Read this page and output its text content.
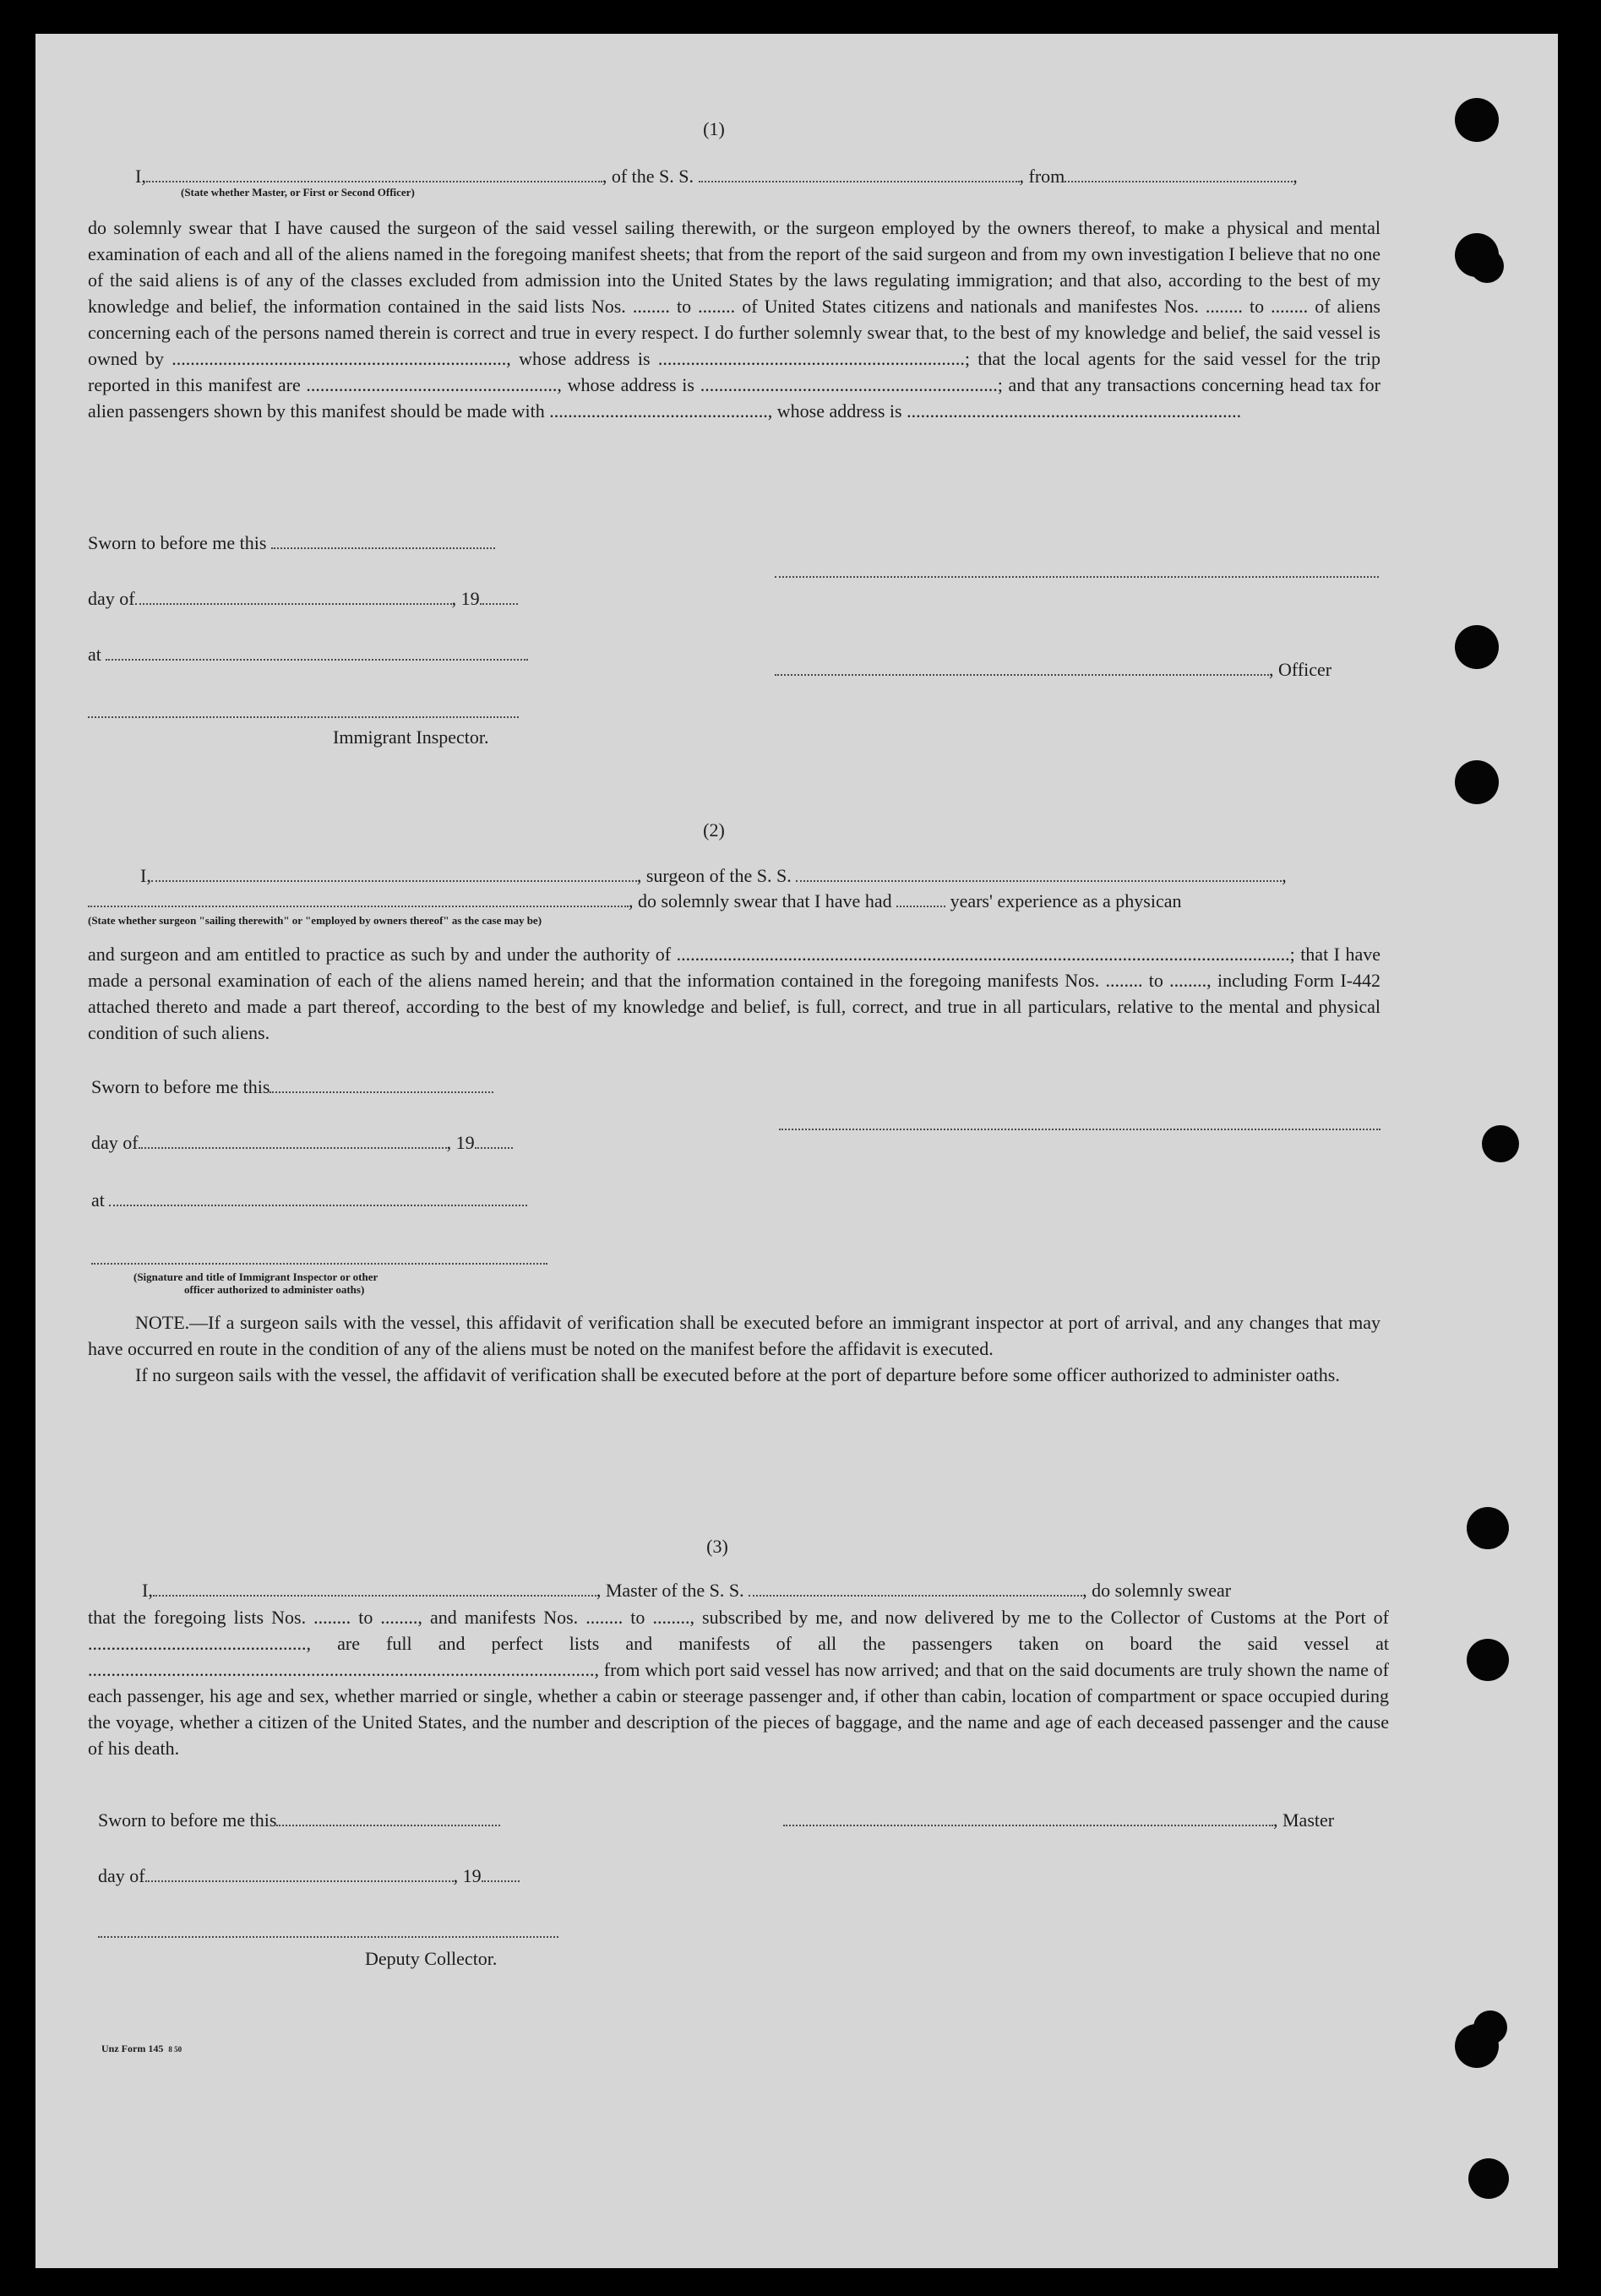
(1)
I,	, of the S. S.	, from	,
(State whether Master, or First or Second Officer)

do solemnly swear that I have caused the surgeon of the said vessel sailing therewith, or the surgeon employed by the owners thereof, to make a physical and mental examination of each and all of the aliens named in the foregoing manifest sheets; that from the report of the said surgeon and from my own investigation I believe that no one of the said aliens is of any of the classes excluded from admission into the United States by the laws regulating immigration; and that also, according to the best of my knowledge and belief, the information contained in the said lists Nos. ........ to ........ of United States citizens and nationals and manifestes Nos. ........ to ........ of aliens concerning each of the persons named therein is correct and true in every respect. I do further solemnly swear that, to the best of my knowledge and belief, the said vessel is owned by ........................................................................, whose address is ..................................................................; that the local agents for the said vessel for the trip reported in this manifest are ......................................................, whose address is ................................................................; and that any transactions concerning head tax for alien passengers shown by this manifest should be made with ..............................................., whose address is ........................................................................

Sworn to before me this
day of	, 19
at
, Officer
Immigrant Inspector.
(2)
I,	, surgeon of the S. S.	,
, do solemnly swear that I have had	years' experience as a physican
(State whether surgeon "sailing therewith" or "employed by owners thereof" as the case may be)

and surgeon and am entitled to practice as such by and under the authority of ....................................................................................................................................; that I have made a personal examination of each of the aliens named herein; and that the information contained in the foregoing manifests Nos. ........ to ........, including Form I-442 attached thereto and made a part thereof, according to the best of my knowledge and belief, is full, correct, and true in all particulars, relative to the mental and physical condition of such aliens.

Sworn to before me this
day of	, 19
at
(Signature and title of Immigrant Inspector or other
officer authorized to administer oaths)

NOTE.—If a surgeon sails with the vessel, this affidavit of verification shall be executed before an immigrant inspector at port of arrival, and any changes that may have occurred en route in the condition of any of the aliens must be noted on the manifest before the affidavit is executed.

If no surgeon sails with the vessel, the affidavit of verification shall be executed before at the port of departure before some officer authorized to administer oaths.

(3)
I,	, Master of the S. S.	, do solemnly swear

that the foregoing lists Nos. ........ to ........, and manifests Nos. ........ to ........, subscribed by me, and now delivered by me to the Collector of Customs at the Port of ..............................................., are full and perfect lists and manifests of all the passengers taken on board the said vessel at ............................................................................................................., from which port said vessel has now arrived; and that on the said documents are truly shown the name of each passenger, his age and sex, whether married or single, whether a cabin or steerage passenger and, if other than cabin, location of compartment or space occupied during the voyage, whether a citizen of the United States, and the number and description of the pieces of baggage, and the name and age of each deceased passenger and the cause of his death.

Sworn to before me this	, Master
day of	, 19
Deputy Collector.
Unz Form 145 8 50
